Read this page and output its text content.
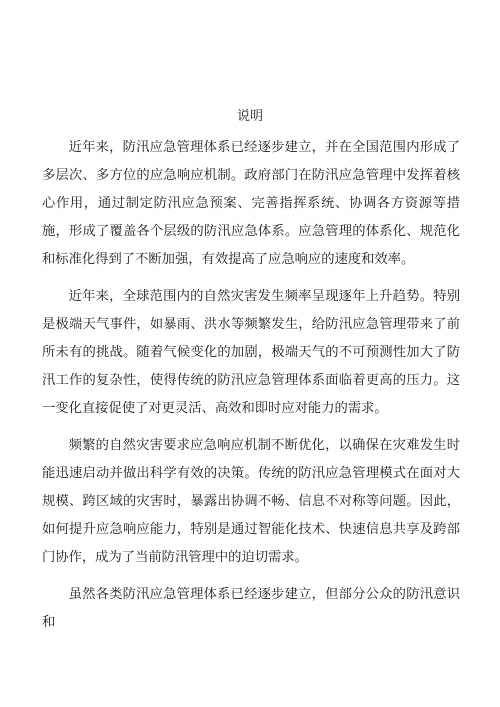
说明

近年来，防汛应急管理体系已经逐步建立，并在全国范围内形成了多层次、多方位的应急响应机制。政府部门在防汛应急管理中发挥着核心作用，通过制定防汛应急预案、完善指挥系统、协调各方资源等措施，形成了覆盖各个层级的防汛应急体系。应急管理的体系化、规范化和标准化得到了不断加强，有效提高了应急响应的速度和效率。

近年来，全球范围内的自然灾害发生频率呈现逐年上升趋势。特别是极端天气事件，如暴雨、洪水等频繁发生，给防汛应急管理带来了前所未有的挑战。随着气候变化的加剧，极端天气的不可预测性加大了防汛工作的复杂性，使得传统的防汛应急管理体系面临着更高的压力。这一变化直接促使了对更灵活、高效和即时应对能力的需求。

频繁的自然灾害要求应急响应机制不断优化，以确保在灾难发生时能迅速启动并做出科学有效的决策。传统的防汛应急管理模式在面对大规模、跨区域的灾害时，暴露出协调不畅、信息不对称等问题。因此，如何提升应急响应能力，特别是通过智能化技术、快速信息共享及跨部门协作，成为了当前防汛管理中的迫切需求。

虽然各类防汛应急管理体系已经逐步建立，但部分公众的防汛意识和
